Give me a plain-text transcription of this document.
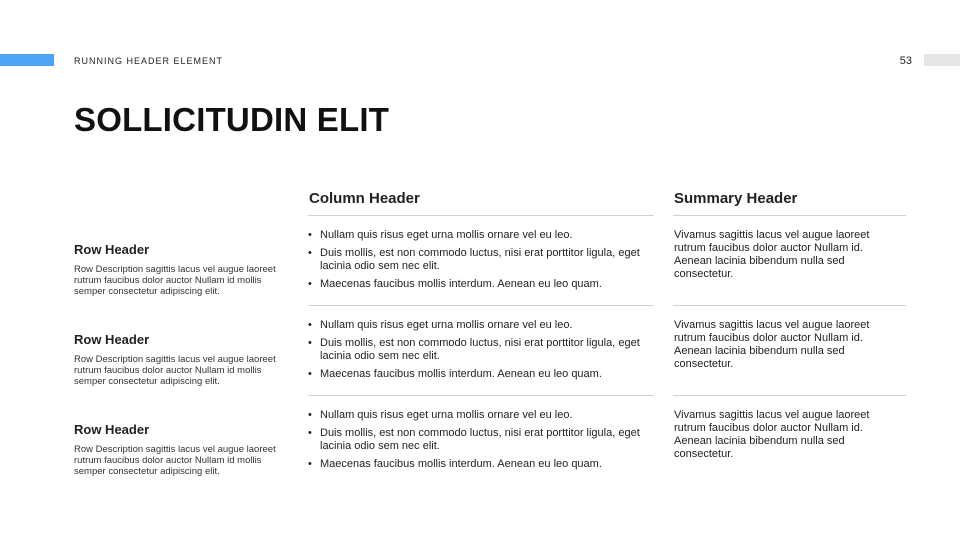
RUNNING HEADER ELEMENT	53
SOLLICITUDIN ELIT
Column Header	Summary Header

Row Header

Row Description sagittis lacus vel augue laoreet rutrum faucibus dolor auctor Nullam id mollis semper consectetur adipiscing elit.

• Nullam quis risus eget urna mollis ornare vel eu leo.
• Duis mollis, est non commodo luctus, nisi erat porttitor ligula, eget lacinia odio sem nec elit.
• Maecenas faucibus mollis interdum. Aenean eu leo quam.

Vivamus sagittis lacus vel augue laoreet rutrum faucibus dolor auctor Nullam id. Aenean lacinia bibendum nulla sed consectetur.

Row Header

Row Description sagittis lacus vel augue laoreet rutrum faucibus dolor auctor Nullam id mollis semper consectetur adipiscing elit.

• Nullam quis risus eget urna mollis ornare vel eu leo.
• Duis mollis, est non commodo luctus, nisi erat porttitor ligula, eget lacinia odio sem nec elit.
• Maecenas faucibus mollis interdum. Aenean eu leo quam.

Vivamus sagittis lacus vel augue laoreet rutrum faucibus dolor auctor Nullam id. Aenean lacinia bibendum nulla sed consectetur.

Row Header

Row Description sagittis lacus vel augue laoreet rutrum faucibus dolor auctor Nullam id mollis semper consectetur adipiscing elit.

• Nullam quis risus eget urna mollis ornare vel eu leo.
• Duis mollis, est non commodo luctus, nisi erat porttitor ligula, eget lacinia odio sem nec elit.
• Maecenas faucibus mollis interdum. Aenean eu leo quam.

Vivamus sagittis lacus vel augue laoreet rutrum faucibus dolor auctor Nullam id. Aenean lacinia bibendum nulla sed consectetur.
